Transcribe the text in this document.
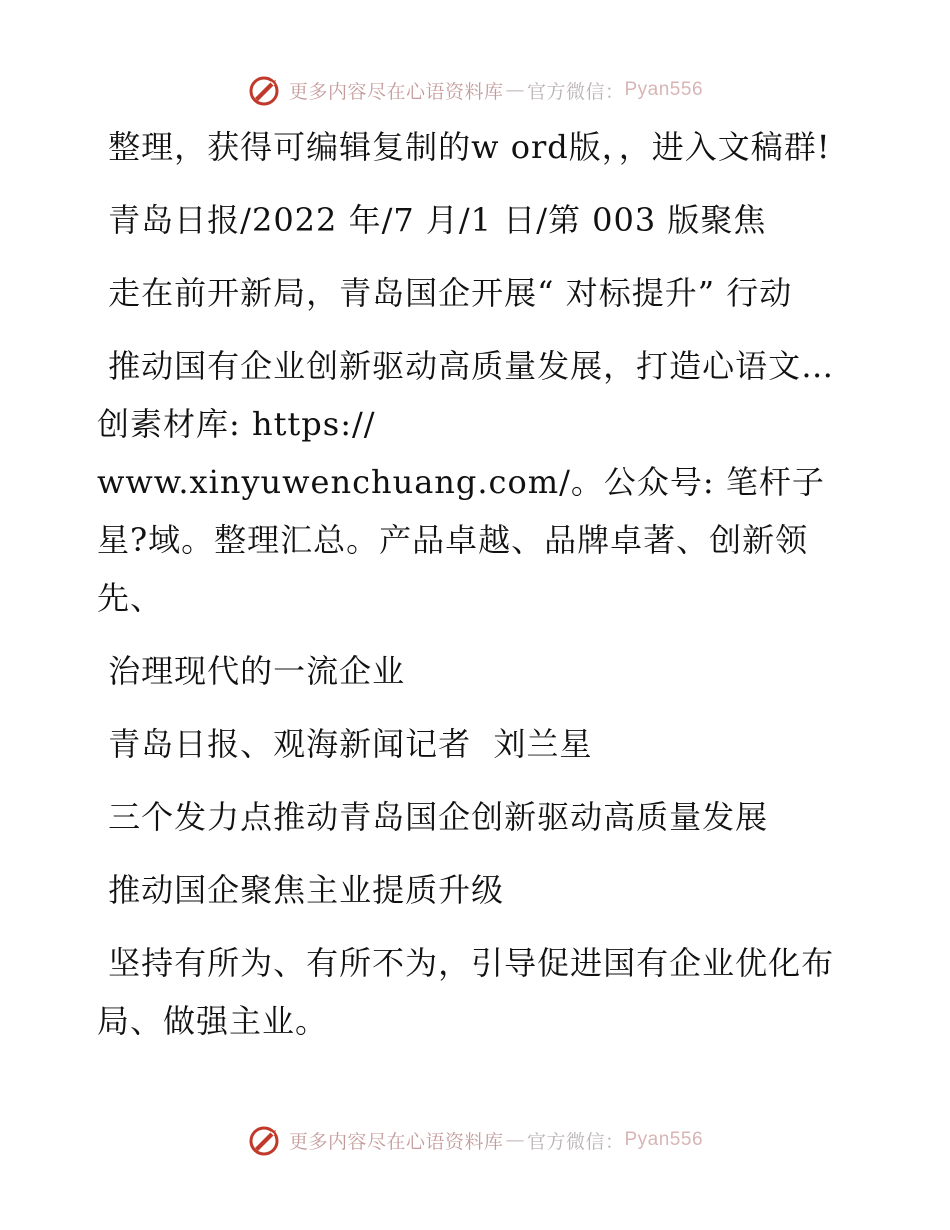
更多内容尽在心语资料库 — 官方微信： Pyan556

整理，获得可编辑复制的w ord版，，进入文稿群!

青岛日报/2022 年/7 月/1 日/第 003 版聚焦

走在前开新局，青岛国企开展“ 对标提升” 行动

推动国有企业创新驱动高质量发展，打造心语文…创素材库: https://
www.xinyuwenchuang.com/。公众号: 笔杆子星?域。整理汇总。产品卓越、品牌卓著、创新领先、

治理现代的一流企业

青岛日报、观海新闻记者  刘兰星

三个发力点推动青岛国企创新驱动高质量发展

推动国企聚焦主业提质升级

坚持有所为、有所不为，引导促进国有企业优化布局、做强主业。

更多内容尽在心语资料库 — 官方微信： Pyan556
